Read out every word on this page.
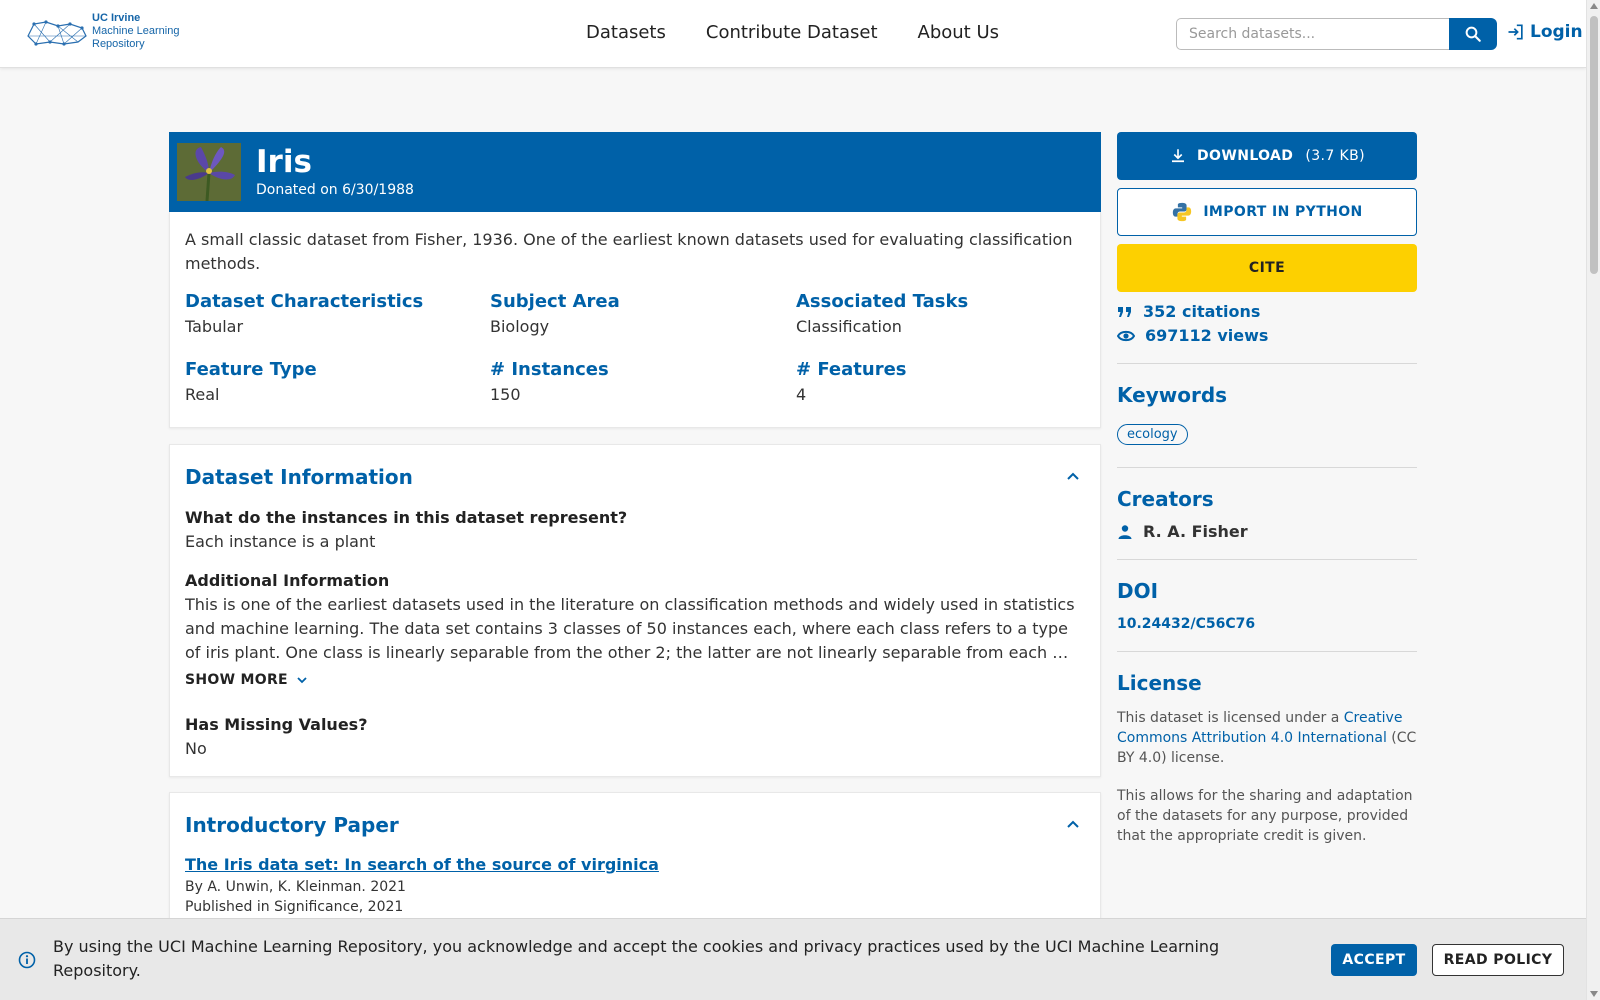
UC Irvine
Machine Learning
Repository
Datasets Contribute Dataset About Us
Search datasets...	Login
Iris
Donated on 6/30/1988
A small classic dataset from Fisher, 1936. One of the earliest known datasets used for evaluating classification methods.
Dataset Characteristics
Tabular
Subject Area
Biology
Associated Tasks
Classification
Feature Type
Real
# Instances
150
# Features
4
Dataset Information
What do the instances in this dataset represent?
Each instance is a plant
Additional Information
This is one of the earliest datasets used in the literature on classification methods and widely used in statistics and machine learning. The data set contains 3 classes of 50 instances each, where each class refers to a type of iris plant. One class is linearly separable from the other 2; the latter are not linearly separable from each …
SHOW MORE
Has Missing Values?
No
Introductory Paper
The Iris data set: In search of the source of virginica
By A. Unwin, K. Kleinman. 2021
Published in Significance, 2021
DOWNLOAD (3.7 KB)
IMPORT IN PYTHON
CITE
352 citations
697112 views
Keywords
ecology
Creators
R. A. Fisher
DOI
10.24432/C56C76
License
This dataset is licensed under a Creative Commons Attribution 4.0 International (CC BY 4.0) license.
This allows for the sharing and adaptation of the datasets for any purpose, provided that the appropriate credit is given.
By using the UCI Machine Learning Repository, you acknowledge and accept the cookies and privacy practices used by the UCI Machine Learning Repository.
ACCEPT	READ POLICY
